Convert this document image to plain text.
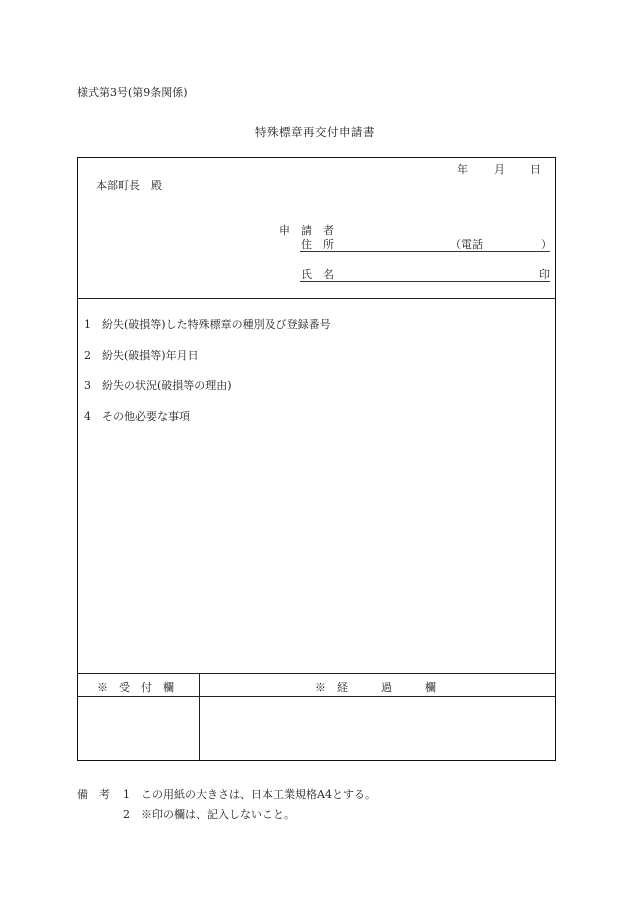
様式第3号(第9条関係)
特殊標章再交付申請書
年 月 日
本部町長　殿
申　請　者
住　所	（電話	）
氏　名	印
1　紛失(破損等)した特殊標章の種別及び登録番号
2　紛失(破損等)年月日
3　紛失の状況(破損等の理由)
4　その他必要な事項
※　受　付　欄	※　経　　　過　　　欄
備　考 1　この用紙の大きさは、日本工業規格A4とする。
2　※印の欄は、記入しないこと。
